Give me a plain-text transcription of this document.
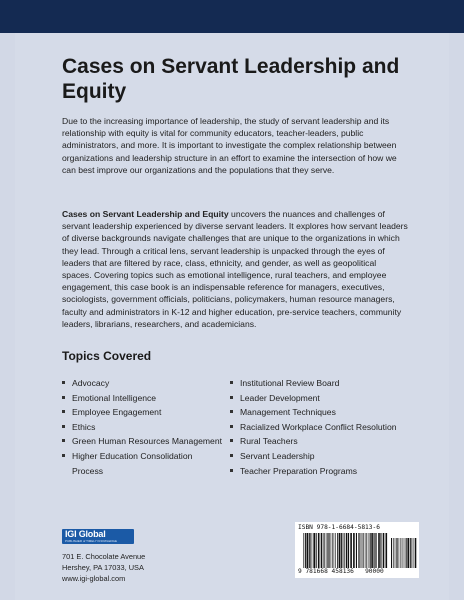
Cases on Servant Leadership and Equity

Due to the increasing importance of leadership, the study of servant leadership and its relationship with equity is vital for community educators, teacher-leaders, public administrators, and more. It is important to investigate the complex relationship between organizations and leadership structure in an effort to examine the intersection of how we can best improve our organizations and the populations that they serve.

Cases on Servant Leadership and Equity uncovers the nuances and challenges of servant leadership experienced by diverse servant leaders. It explores how servant leaders of diverse backgrounds navigate challenges that are unique to the organizations in which they lead. Through a critical lens, servant leadership is unpacked through the eyes of leaders that are filtered by race, class, ethnicity, and gender, as well as geopolitical spaces. Covering topics such as emotional intelligence, rural teachers, and employee engagement, this case book is an indispensable reference for managers, executives, sociologists, government officials, politicians, policymakers, human resource managers, faculty and administrators in K-12 and higher education, pre-service teachers, community leaders, librarians, researchers, and academicians.

Topics Covered
Advocacy
Emotional Intelligence
Employee Engagement
Ethics
Green Human Resources Management
Higher Education Consolidation Process
Institutional Review Board
Leader Development
Management Techniques
Racialized Workplace Conflict Resolution
Rural Teachers
Servant Leadership
Teacher Preparation Programs
IGI Global
PUBLISHER of TIMELY KNOWLEDGE

701 E. Chocolate Avenue
Hershey, PA 17033, USA
www.igi-global.com

ISBN 978-1-6684-5813-6
9 781668 458136 90000
